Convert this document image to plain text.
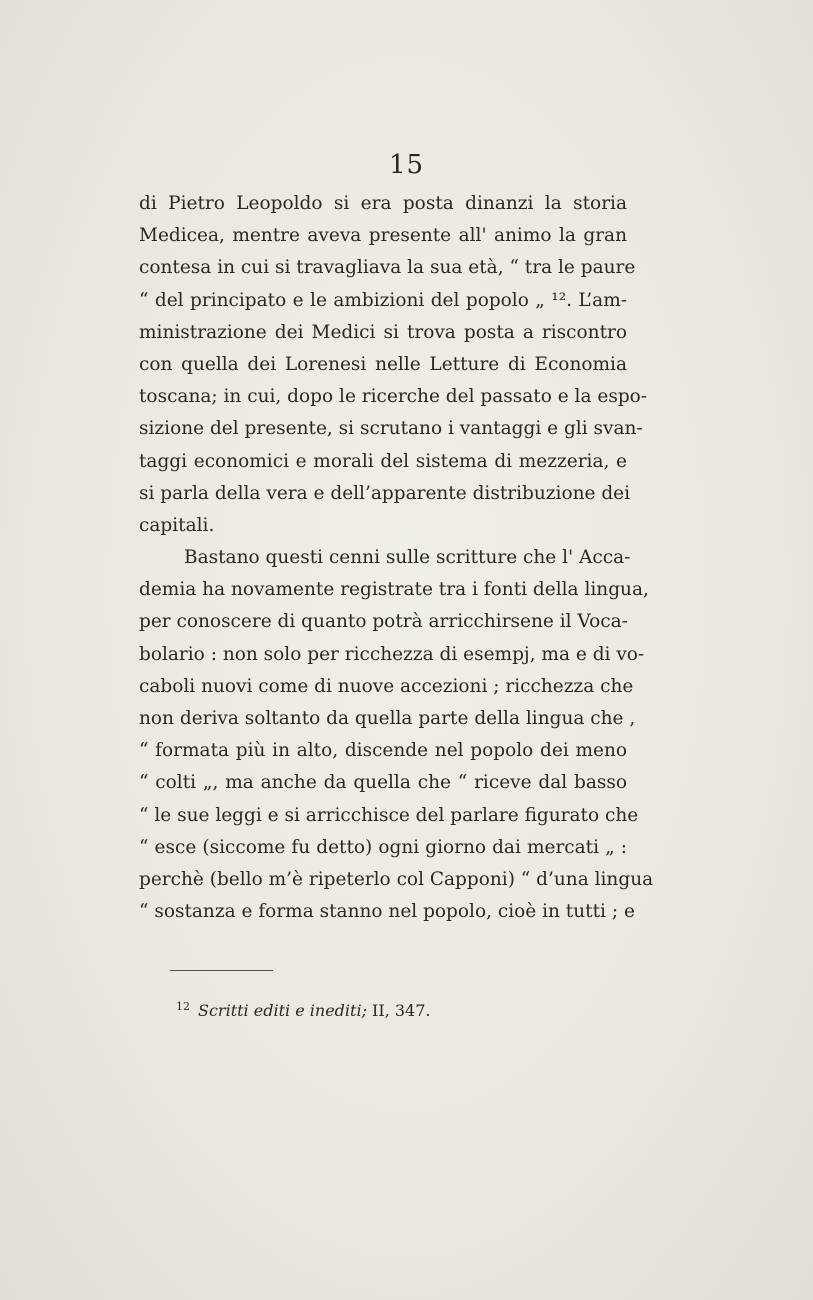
15
di Pietro Leopoldo si era posta dinanzi la storia
Medicea, mentre aveva presente all' animo la gran
contesa in cui si travagliava la sua età, “ tra le paure
“ del principato e le ambizioni del popolo „ ¹². L’am-
ministrazione dei Medici si trova posta a riscontro
con quella dei Lorenesi nelle Letture di Economia
toscana; in cui, dopo le ricerche del passato e la espo-
sizione del presente, si scrutano i vantaggi e gli svan-
taggi economici e morali del sistema di mezzeria, e
si parla della vera e dell’apparente distribuzione dei
capitali.
Bastano questi cenni sulle scritture che l' Acca-
demia ha novamente registrate tra i fonti della lingua,
per conoscere di quanto potrà arricchirsene il Voca-
bolario : non solo per ricchezza di esempj, ma e di vo-
caboli nuovi come di nuove accezioni ; ricchezza che
non deriva soltanto da quella parte della lingua che ,
“ formata più in alto, discende nel popolo dei meno
“ colti „, ma anche da quella che “ riceve dal basso
“ le sue leggi e si arricchisce del parlare figurato che
“ esce (siccome fu detto) ogni giorno dai mercati „ :
perchè (bello m’è ripeterlo col Capponi) “ d’una lingua
“ sostanza e forma stanno nel popolo, cioè in tutti ; e
$^{12}$ Scritti editi e inediti; II, 347.
